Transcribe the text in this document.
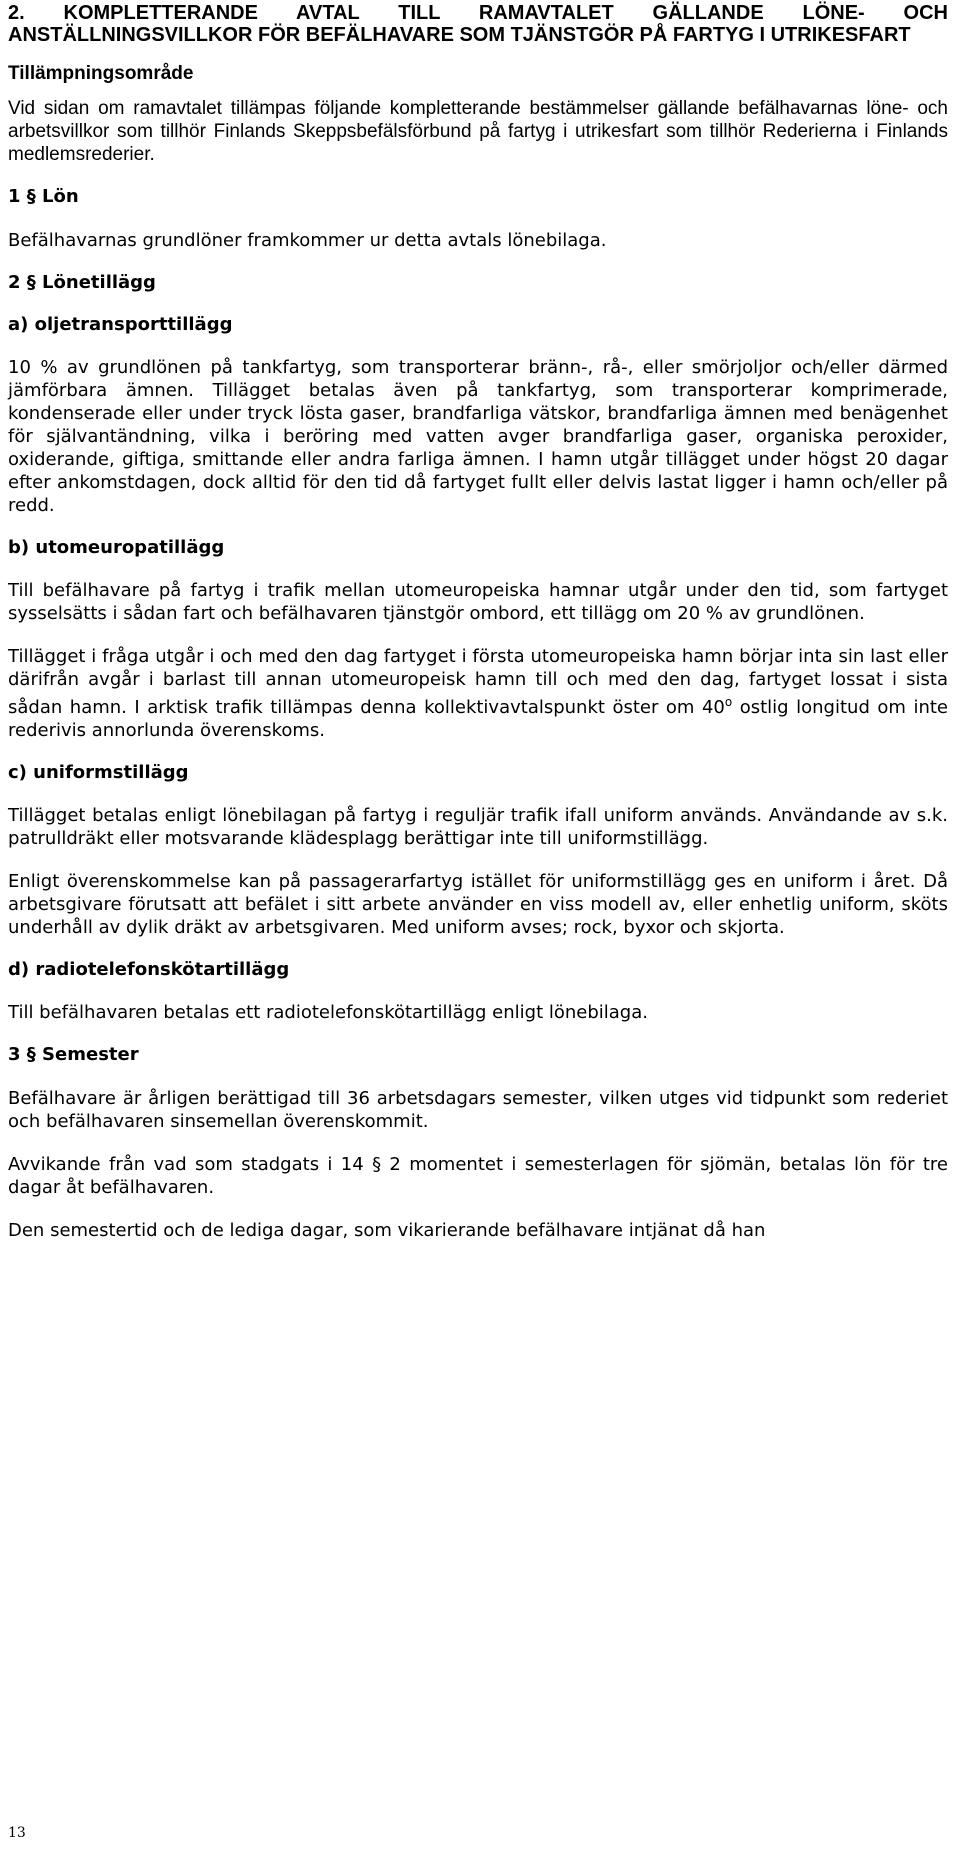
2. KOMPLETTERANDE AVTAL TILL RAMAVTALET GÄLLANDE LÖNE- OCH ANSTÄLLNINGSVILLKOR FÖR BEFÄLHAVARE SOM TJÄNSTGÖR PÅ FARTYG I UTRIKESFART
Tillämpningsområde
Vid sidan om ramavtalet tillämpas följande kompletterande bestämmelser gällande befälhavarnas löne- och arbetsvillkor som tillhör Finlands Skeppsbefälsförbund på fartyg i utrikesfart som tillhör Rederierna i Finlands medlemsrederier.
1 § Lön
Befälhavarnas grundlöner framkommer ur detta avtals lönebilaga.
2 § Lönetillägg
a) oljetransporttillägg
10 % av grundlönen på tankfartyg, som transporterar bränn-, rå-, eller smörjoljor och/eller därmed jämförbara ämnen. Tillägget betalas även på tankfartyg, som transporterar komprimerade, kondenserade eller under tryck lösta gaser, brandfarliga vätskor, brandfarliga ämnen med benägenhet för självantändning, vilka i beröring med vatten avger brandfarliga gaser, organiska peroxider, oxiderande, giftiga, smittande eller andra farliga ämnen. I hamn utgår tillägget under högst 20 dagar efter ankomstdagen, dock alltid för den tid då fartyget fullt eller delvis lastat ligger i hamn och/eller på redd.
b) utomeuropatillägg
Till befälhavare på fartyg i trafik mellan utomeuropeiska hamnar utgår under den tid, som fartyget sysselsätts i sådan fart och befälhavaren tjänstgör ombord, ett tillägg om 20 % av grundlönen.
Tillägget i fråga utgår i och med den dag fartyget i första utomeuropeiska hamn börjar inta sin last eller därifrån avgår i barlast till annan utomeuropeisk hamn till och med den dag, fartyget lossat i sista sådan hamn. I arktisk trafik tillämpas denna kollektivavtalspunkt öster om 40$^o$ ostlig longitud om inte rederivis annorlunda överenskoms.
c) uniformstillägg
Tillägget betalas enligt lönebilagan på fartyg i reguljär trafik ifall uniform används. Användande av s.k. patrulldräkt eller motsvarande klädesplagg berättigar inte till uniformstillägg.
Enligt överenskommelse kan på passagerarfartyg istället för uniformstillägg ges en uniform i året. Då arbetsgivare förutsatt att befälet i sitt arbete använder en viss modell av, eller enhetlig uniform, sköts underhåll av dylik dräkt av arbetsgivaren. Med uniform avses; rock, byxor och skjorta.
d) radiotelefonskötartillägg
Till befälhavaren betalas ett radiotelefonskötartillägg enligt lönebilaga.
3 § Semester
Befälhavare är årligen berättigad till 36 arbetsdagars semester, vilken utges vid tidpunkt som rederiet och befälhavaren sinsemellan överenskommit.
Avvikande från vad som stadgats i 14 § 2 momentet i semesterlagen för sjömän, betalas lön för tre dagar åt befälhavaren.
Den semestertid och de lediga dagar, som vikarierande befälhavare intjänat då han
13
